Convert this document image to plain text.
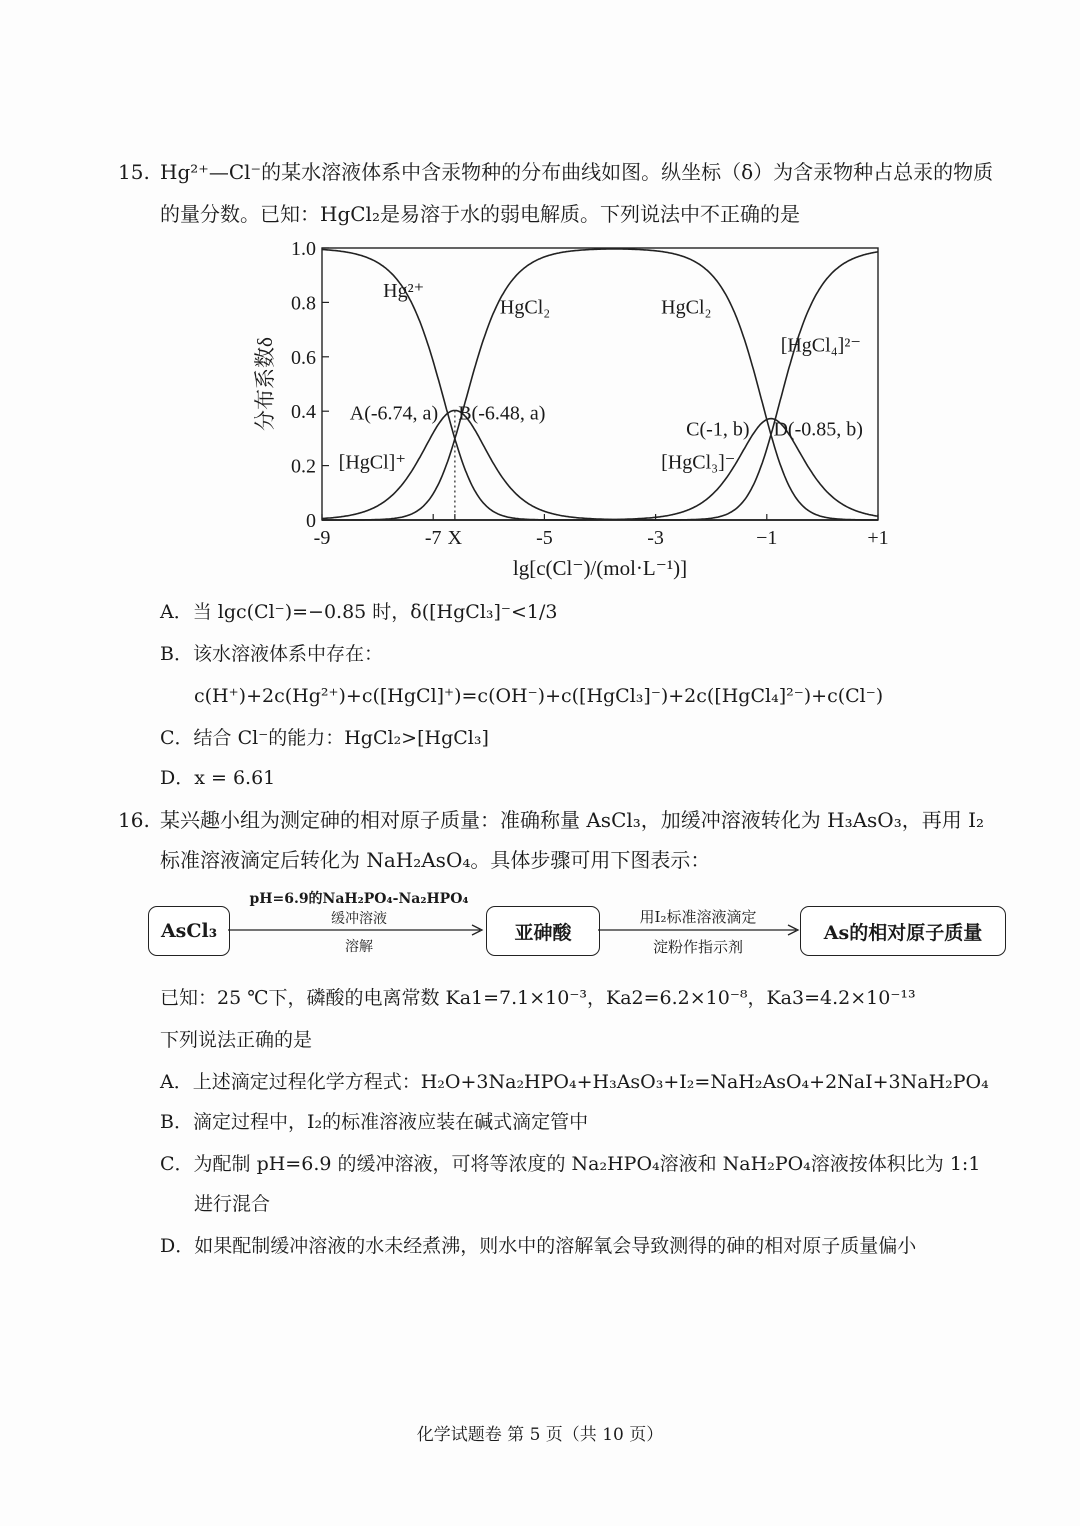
15. Hg²⁺—Cl⁻的某水溶液体系中含汞物种的分布曲线如图。纵坐标（δ）为含汞物种占总汞的物质
的量分数。已知：HgCl₂是易溶于水的弱电解质。下列说法中不正确的是
0
0.2
0.4
0.6
0.8
1.0
-9	-7 X	-5	-3	−1	+1
lg[c(Cl⁻)/(mol·L⁻¹)]
分布系数δ
Hg²⁺
HgCl₂	HgCl₂
[HgCl₄]²⁻
[HgCl]⁺	[HgCl₃]⁻
A(-6.74, a) B(-6.48, a)
C(-1, b) D(-0.85, b)
A．当 lgc(Cl⁻)=−0.85 时，δ([HgCl₃]⁻<1/3
B．该水溶液体系中存在：
c(H⁺)+2c(Hg²⁺)+c([HgCl]⁺)=c(OH⁻)+c([HgCl₃]⁻)+2c([HgCl₄]²⁻)+c(Cl⁻)
C．结合 Cl⁻的能力：HgCl₂>[HgCl₃]
D．x = 6.61
16. 某兴趣小组为测定砷的相对原子质量：准确称量 AsCl₃，加缓冲溶液转化为 H₃AsO₃，再用 I₂
标准溶液滴定后转化为 NaH₂AsO₄。具体步骤可用下图表示：
AsCl₃
pH=6.9的NaH₂PO₄-Na₂HPO₄
缓冲溶液
溶解
亚砷酸
用I₂标准溶液滴定
淀粉作指示剂
As的相对原子质量
已知：25 ℃下，磷酸的电离常数 Ka1=7.1×10⁻³，Ka2=6.2×10⁻⁸，Ka3=4.2×10⁻¹³
下列说法正确的是
A．上述滴定过程化学方程式：H₂O+3Na₂HPO₄+H₃AsO₃+I₂=NaH₂AsO₄+2NaI+3NaH₂PO₄
B．滴定过程中，I₂的标准溶液应装在碱式滴定管中
C．为配制 pH=6.9 的缓冲溶液，可将等浓度的 Na₂HPO₄溶液和 NaH₂PO₄溶液按体积比为 1:1
进行混合
D．如果配制缓冲溶液的水未经煮沸，则水中的溶解氧会导致测得的砷的相对原子质量偏小
化学试题卷 第 5 页（共 10 页）
